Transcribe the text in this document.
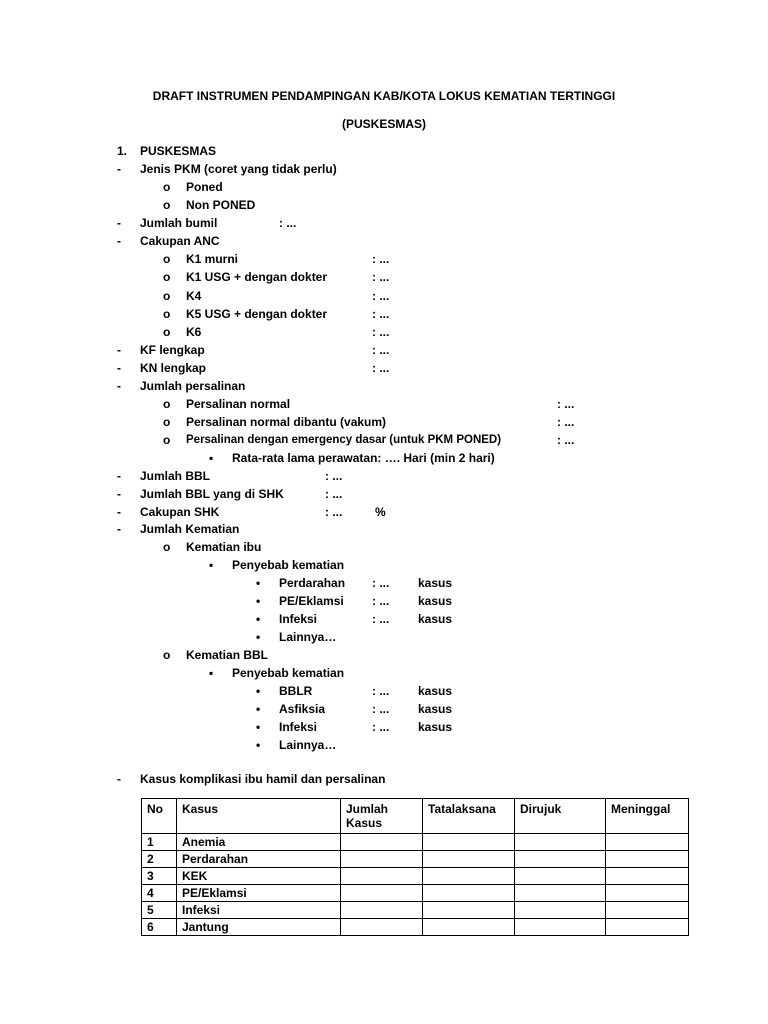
DRAFT INSTRUMEN PENDAMPINGAN KAB/KOTA LOKUS KEMATIAN TERTINGGI
(PUSKESMAS)
1. PUSKESMAS
- Jenis PKM (coret yang tidak perlu)
o Poned
o Non PONED
- Jumlah bumil	: ...
- Cakupan ANC
o K1 murni	: ...
o K1 USG + dengan dokter	: ...
o K4	: ...
o K5 USG + dengan dokter	: ...
o K6	: ...
- KF lengkap	: ...
- KN lengkap	: ...
- Jumlah persalinan
o Persalinan normal	: ...
o Persalinan normal dibantu (vakum)	: ...
o Persalinan dengan emergency dasar (untuk PKM PONED)	: ...
▪ Rata-rata lama perawatan: …. Hari (min 2 hari)
- Jumlah BBL	: ...
- Jumlah BBL yang di SHK	: ...
- Cakupan SHK	: ...	%
- Jumlah Kematian
o Kematian ibu
▪ Penyebab kematian
• Perdarahan : ... kasus
• PE/Eklamsi : ... kasus
• Infeksi	: ... kasus
• Lainnya…
o Kematian BBL
▪ Penyebab kematian
• BBLR	: ... kasus
• Asfiksia	: ... kasus
• Infeksi	: ... kasus
• Lainnya…
- Kasus komplikasi ibu hamil dan persalinan
No	Kasus	Jumlah Kasus	Tatalaksana	Dirujuk	Meninggal
1	Anemia				
2	Perdarahan				
3	KEK				
4	PE/Eklamsi				
5	Infeksi				
6	Jantung				
